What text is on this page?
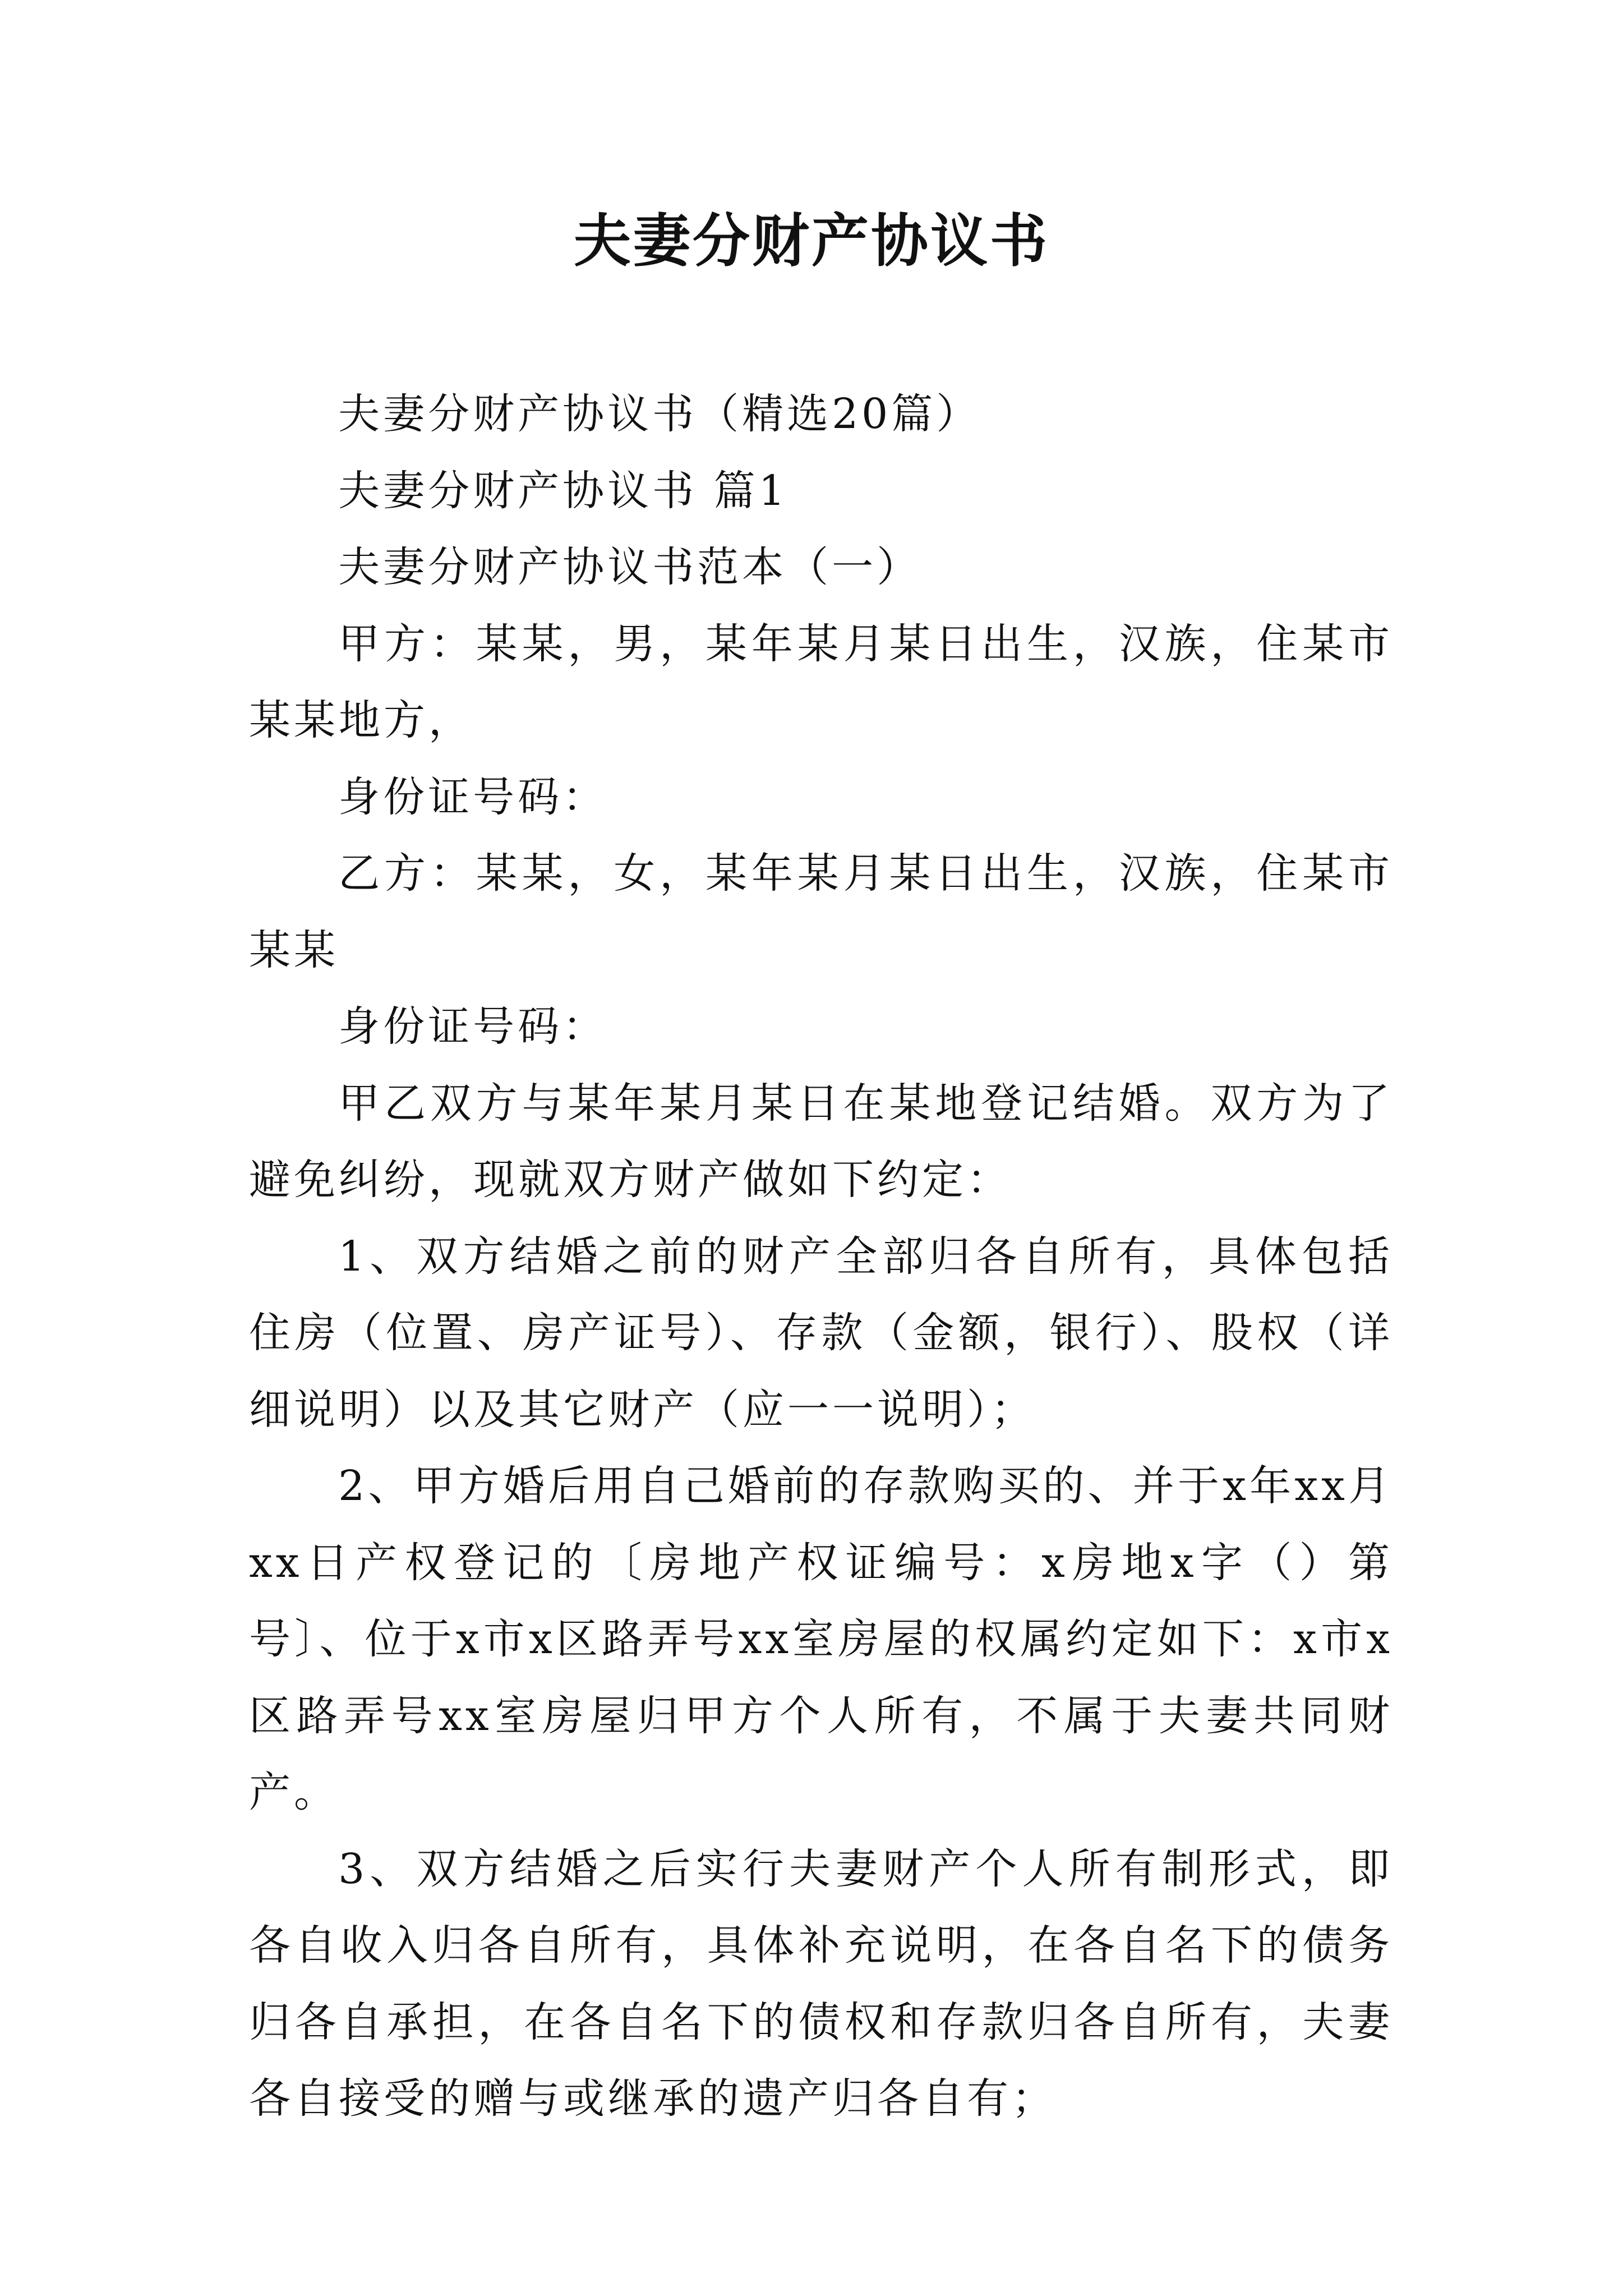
夫妻分财产协议书

夫妻分财产协议书（精选20篇）

夫妻分财产协议书 篇1

夫妻分财产协议书范本（一）

甲方：某某，男，某年某月某日出生，汉族，住某市某某地方，

身份证号码：

乙方：某某，女，某年某月某日出生，汉族，住某市某某

身份证号码：

甲乙双方与某年某月某日在某地登记结婚。双方为了避免纠纷，现就双方财产做如下约定：

1、双方结婚之前的财产全部归各自所有，具体包括住房（位置、房产证号）、存款（金额，银行）、股权（详细说明）以及其它财产（应一一说明）；

2、甲方婚后用自己婚前的存款购买的、并于x年xx月xx日产权登记的〔房地产权证编号：x房地x字（）第号〕、位于x市x区路弄号xx室房屋的权属约定如下：x市x区路弄号xx室房屋归甲方个人所有，不属于夫妻共同财产。

3、双方结婚之后实行夫妻财产个人所有制形式，即各自收入归各自所有，具体补充说明，在各自名下的债务归各自承担，在各自名下的债权和存款归各自所有，夫妻各自接受的赠与或继承的遗产归各自有；
